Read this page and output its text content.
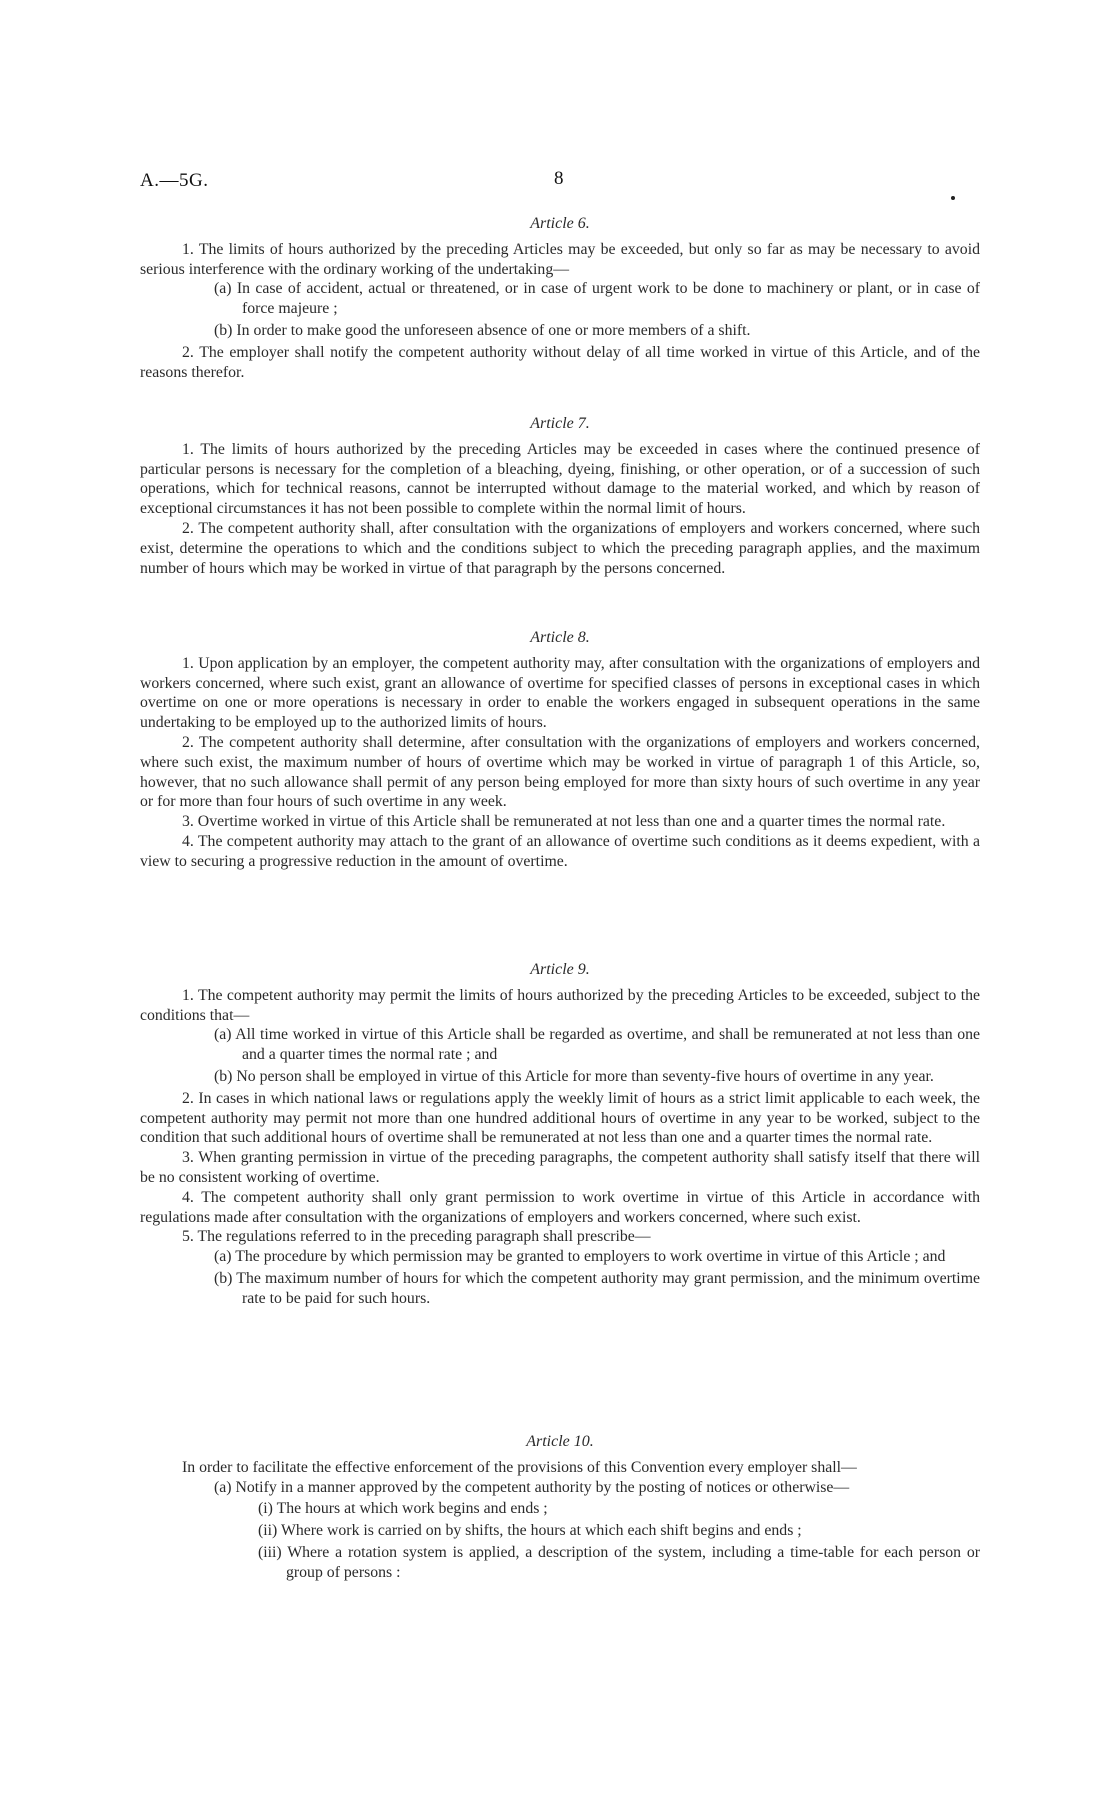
A.—5G.	8
Article 6.

1. The limits of hours authorized by the preceding Articles may be exceeded, but only so far as may be necessary to avoid serious interference with the ordinary working of the undertaking—

(a) In case of accident, actual or threatened, or in case of urgent work to be done to machinery or plant, or in case of force majeure ;

(b) In order to make good the unforeseen absence of one or more members of a shift.

2. The employer shall notify the competent authority without delay of all time worked in virtue of this Article, and of the reasons therefor.

Article 7.

1. The limits of hours authorized by the preceding Articles may be exceeded in cases where the continued presence of particular persons is necessary for the completion of a bleaching, dyeing, finishing, or other operation, or of a succession of such operations, which for technical reasons, cannot be interrupted without damage to the material worked, and which by reason of exceptional circumstances it has not been possible to complete within the normal limit of hours.

2. The competent authority shall, after consultation with the organizations of employers and workers concerned, where such exist, determine the operations to which and the conditions subject to which the preceding paragraph applies, and the maximum number of hours which may be worked in virtue of that paragraph by the persons concerned.

Article 8.

1. Upon application by an employer, the competent authority may, after consultation with the organizations of employers and workers concerned, where such exist, grant an allowance of overtime for specified classes of persons in exceptional cases in which overtime on one or more operations is necessary in order to enable the workers engaged in subsequent operations in the same undertaking to be employed up to the authorized limits of hours.

2. The competent authority shall determine, after consultation with the organizations of employers and workers concerned, where such exist, the maximum number of hours of overtime which may be worked in virtue of paragraph 1 of this Article, so, however, that no such allowance shall permit of any person being employed for more than sixty hours of such overtime in any year or for more than four hours of such overtime in any week.

3. Overtime worked in virtue of this Article shall be remunerated at not less than one and a quarter times the normal rate.

4. The competent authority may attach to the grant of an allowance of overtime such conditions as it deems expedient, with a view to securing a progressive reduction in the amount of overtime.

Article 9.

1. The competent authority may permit the limits of hours authorized by the preceding Articles to be exceeded, subject to the conditions that—

(a) All time worked in virtue of this Article shall be regarded as overtime, and shall be remunerated at not less than one and a quarter times the normal rate ; and

(b) No person shall be employed in virtue of this Article for more than seventy-five hours of overtime in any year.

2. In cases in which national laws or regulations apply the weekly limit of hours as a strict limit applicable to each week, the competent authority may permit not more than one hundred additional hours of overtime in any year to be worked, subject to the condition that such additional hours of overtime shall be remunerated at not less than one and a quarter times the normal rate.

3. When granting permission in virtue of the preceding paragraphs, the competent authority shall satisfy itself that there will be no consistent working of overtime.

4. The competent authority shall only grant permission to work overtime in virtue of this Article in accordance with regulations made after consultation with the organizations of employers and workers concerned, where such exist.

5. The regulations referred to in the preceding paragraph shall prescribe—

(a) The procedure by which permission may be granted to employers to work overtime in virtue of this Article ; and

(b) The maximum number of hours for which the competent authority may grant permission, and the minimum overtime rate to be paid for such hours.

Article 10.

In order to facilitate the effective enforcement of the provisions of this Convention every employer shall—

(a) Notify in a manner approved by the competent authority by the posting of notices or otherwise—

(i) The hours at which work begins and ends ;

(ii) Where work is carried on by shifts, the hours at which each shift begins and ends ;

(iii) Where a rotation system is applied, a description of the system, including a time-table for each person or group of persons :
